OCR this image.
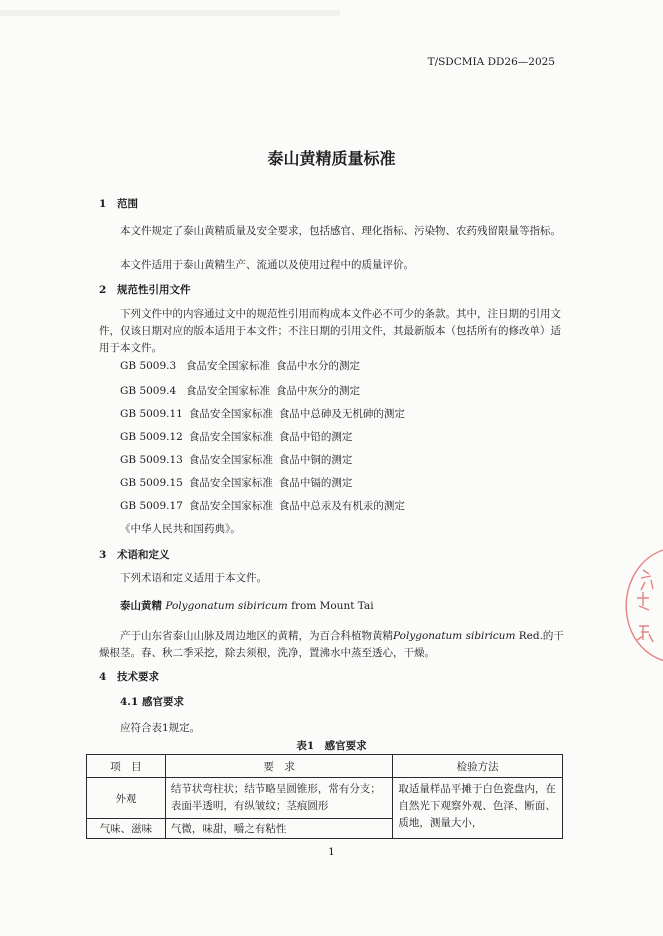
T/SDCMIA DD26—2025
泰山黄精质量标准
1 范围
本文件规定了泰山黄精质量及安全要求，包括感官、理化指标、污染物、农药残留限量等指标。
本文件适用于泰山黄精生产、流通以及使用过程中的质量评价。
2 规范性引用文件
下列文件中的内容通过文中的规范性引用而构成本文件必不可少的条款。其中，注日期的引用文件，仅该日期对应的版本适用于本文件；不注日期的引用文件，其最新版本（包括所有的修改单）适用于本文件。
GB 5009.3 食品安全国家标准 食品中水分的测定
GB 5009.4 食品安全国家标准 食品中灰分的测定
GB 5009.11 食品安全国家标准 食品中总砷及无机砷的测定
GB 5009.12 食品安全国家标准 食品中铅的测定
GB 5009.13 食品安全国家标准 食品中铜的测定
GB 5009.15 食品安全国家标准 食品中镉的测定
GB 5009.17 食品安全国家标准 食品中总汞及有机汞的测定
《中华人民共和国药典》。
3 术语和定义
下列术语和定义适用于本文件。
泰山黄精 Polygonatum sibiricum from Mount Tai
产于山东省泰山山脉及周边地区的黄精，为百合科植物黄精Polygonatum sibiricum Red.的干燥根茎。春、秋二季采挖，除去须根，洗净，置沸水中蒸至透心，干燥。
4 技术要求
4.1 感官要求
应符合表1规定。
表1　感官要求
项　目	要　求	检验方法
外观	结节状弯柱状；结节略呈圆锥形，常有分支；表面半透明，有纵皱纹；茎痕圆形	取适量样品平摊于白色瓷盘内，在自然光下观察外观、色泽、断面、质地，测量大小，
气味、滋味	气微，味甜，嚼之有粘性	
1
